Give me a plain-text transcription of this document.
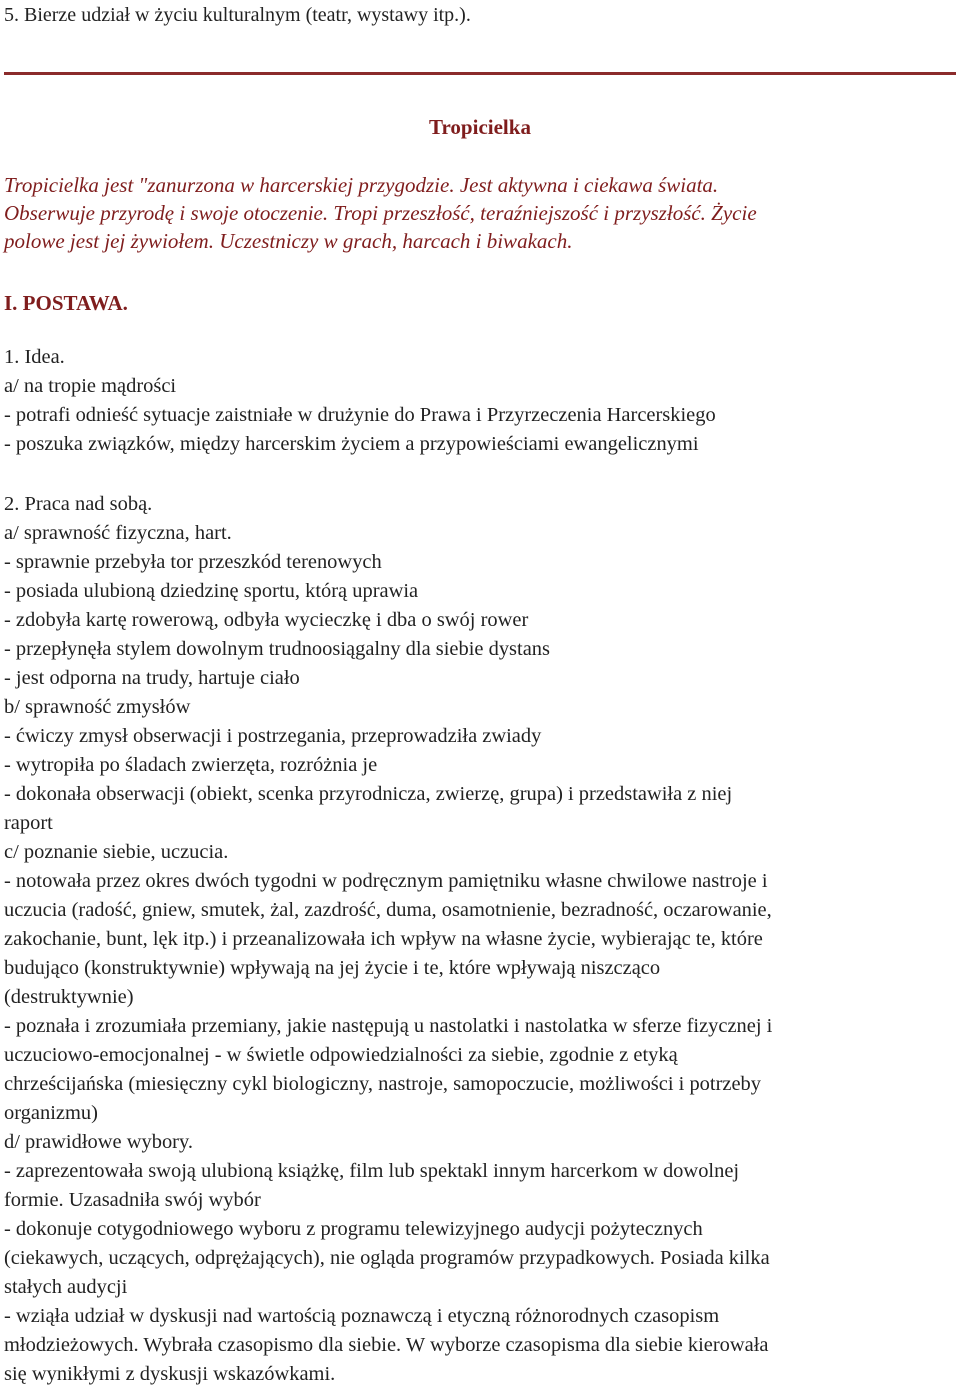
5. Bierze udział w życiu kulturalnym (teatr, wystawy itp.).
Tropicielka
Tropicielka jest "zanurzona w harcerskiej przygodzie. Jest aktywna i ciekawa świata.
Obserwuje przyrodę i swoje otoczenie. Tropi przeszłość, teraźniejszość i przyszłość. Życie
polowe jest jej żywiołem. Uczestniczy w grach, harcach i biwakach.
I. POSTAWA.
1. Idea.
a/ na tropie mądrości
- potrafi odnieść sytuacje zaistniałe w drużynie do Prawa i Przyrzeczenia Harcerskiego
- poszuka związków, między harcerskim życiem a przypowieściami ewangelicznymi
2. Praca nad sobą.
a/ sprawność fizyczna, hart.
- sprawnie przebyła tor przeszkód terenowych
- posiada ulubioną dziedzinę sportu, którą uprawia
- zdobyła kartę rowerową, odbyła wycieczkę i dba o swój rower
- przepłynęła stylem dowolnym trudnoosiągalny dla siebie dystans
- jest odporna na trudy, hartuje ciało
b/ sprawność zmysłów
- ćwiczy zmysł obserwacji i postrzegania, przeprowadziła zwiady
- wytropiła po śladach zwierzęta, rozróżnia je
- dokonała obserwacji (obiekt, scenka przyrodnicza, zwierzę, grupa) i przedstawiła z niej
raport
c/ poznanie siebie, uczucia.
- notowała przez okres dwóch tygodni w podręcznym pamiętniku własne chwilowe nastroje i
uczucia (radość, gniew, smutek, żal, zazdrość, duma, osamotnienie, bezradność, oczarowanie,
zakochanie, bunt, lęk itp.) i przeanalizowała ich wpływ na własne życie, wybierając te, które
budująco (konstruktywnie) wpływają na jej życie i te, które wpływają niszcząco
(destruktywnie)
- poznała i zrozumiała przemiany, jakie następują u nastolatki i nastolatka w sferze fizycznej i
uczuciowo-emocjonalnej - w świetle odpowiedzialności za siebie, zgodnie z etyką
chrześcijańska (miesięczny cykl biologiczny, nastroje, samopoczucie, możliwości i potrzeby
organizmu)
d/ prawidłowe wybory.
- zaprezentowała swoją ulubioną książkę, film lub spektakl innym harcerkom w dowolnej
formie. Uzasadniła swój wybór
- dokonuje cotygodniowego wyboru z programu telewizyjnego audycji pożytecznych
(ciekawych, uczących, odprężających), nie ogląda programów przypadkowych. Posiada kilka
stałych audycji
- wziąła udział w dyskusji nad wartością poznawczą i etyczną różnorodnych czasopism
młodzieżowych. Wybrała czasopismo dla siebie. W wyborze czasopisma dla siebie kierowała
się wynikłymi z dyskusji wskazówkami.
